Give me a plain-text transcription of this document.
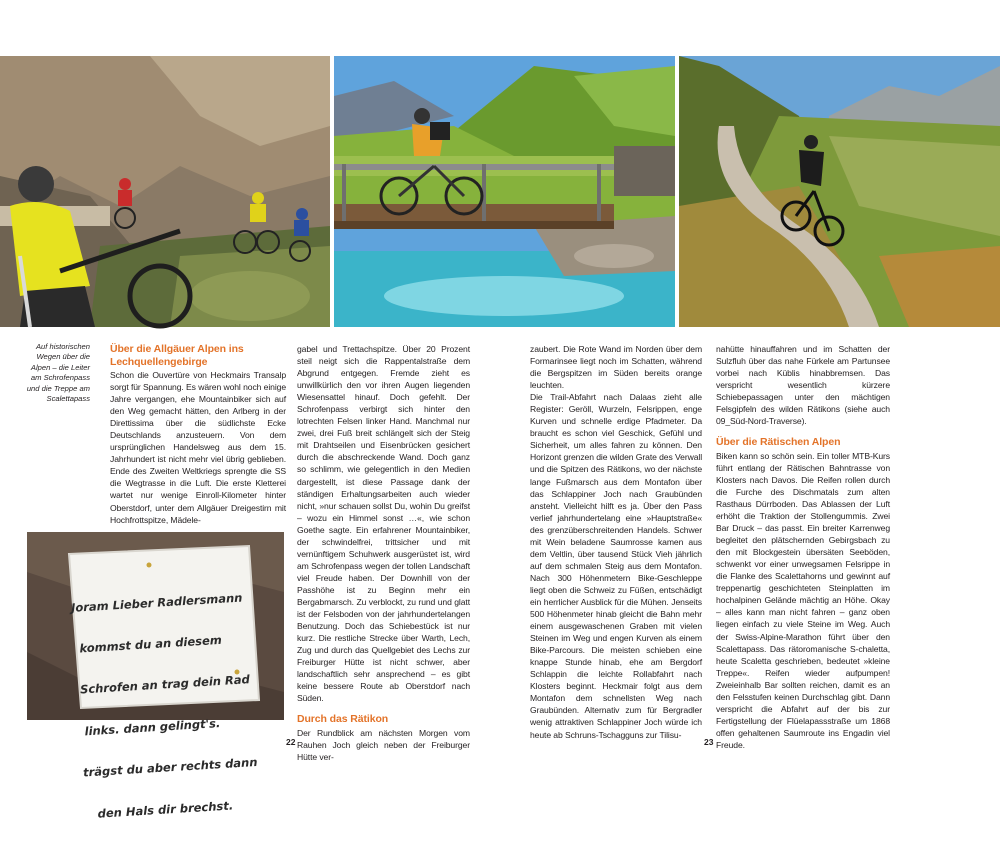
Joram Lieber Radlersmann

kommst du an diesem

Schrofen an trag dein Rad

links. dann gelingt's.

trägst du aber rechts dann

den Hals dir brechst.

Auf historischen Wegen über die Alpen – die Leiter am Schrofenpass und die Treppe am Scalettapass
Über die Allgäuer Alpen ins Lechquellengebirge

Schon die Ouvertüre von Heckmairs Transalp sorgt für Spannung. Es wären wohl noch einige Jahre vergangen, ehe Mountainbiker sich auf den Weg gemacht hätten, den Arlberg in der Direttissima über die südlichste Ecke Deutschlands anzusteuern. Von dem ursprünglichen Handelsweg aus dem 15. Jahrhundert ist nicht mehr viel übrig geblieben. Ende des Zweiten Weltkriegs sprengte die SS die Wegtrasse in die Luft. Die erste Kletterei wartet nur wenige Einroll-Kilometer hinter Oberstdorf, unter dem Allgäuer Dreigestirn mit Hochfrottspitze, Mädele-

gabel und Trettachspitze. Über 20 Prozent steil neigt sich die Rappentalstraße dem Abgrund entgegen. Fremde zieht es unwillkürlich den vor ihren Augen liegenden Wiesensattel hinauf. Doch gefehlt. Der Schrofenpass verbirgt sich hinter den lotrechten Felsen linker Hand. Manchmal nur zwei, drei Fuß breit schlängelt sich der Steig mit Drahtseilen und Eisenbrücken gesichert durch die abschreckende Wand. Doch ganz so schlimm, wie gelegentlich in den Medien dargestellt, ist diese Passage dank der ständigen Erhaltungsarbeiten auch wieder nicht, »nur schauen sollst Du, wohin Du greifst – wozu ein Himmel sonst …«, wie schon Goethe sagte. Ein erfahrener Mountainbiker, der schwindelfrei, trittsicher und mit vernünftigem Schuhwerk ausgerüstet ist, wird am Schrofenpass wegen der tollen Landschaft viel Freude haben. Der Downhill von der Passhöhe ist zu Beginn mehr ein Bergabmarsch. Zu verblockt, zu rund und glatt ist der Felsboden von der jahrhundertelangen Benutzung. Doch das Schiebestück ist nur kurz. Die restliche Strecke über Warth, Lech, Zug und durch das Quellgebiet des Lechs zur Freiburger Hütte ist nicht schwer, aber landschaftlich sehr ansprechend – es gibt keine bessere Route ab Oberstdorf nach Süden.

Durch das Rätikon

Der Rundblick am nächsten Morgen vom Rauhen Joch gleich neben der Freiburger Hütte ver-

zaubert. Die Rote Wand im Norden über dem Formarinsee liegt noch im Schatten, während die Bergspitzen im Süden bereits orange leuchten.

Die Trail-Abfahrt nach Dalaas zieht alle Register: Geröll, Wurzeln, Felsrippen, enge Kurven und schnelle erdige Pfadmeter. Da braucht es schon viel Geschick, Gefühl und Sicherheit, um alles fahren zu können. Den Horizont grenzen die wilden Grate des Verwall und die Spitzen des Rätikons, wo der nächste lange Fußmarsch aus dem Montafon über das Schlappiner Joch nach Graubünden ansteht. Vielleicht hilft es ja. Über den Pass verlief jahrhundertelang eine »Hauptstraße« des grenzüberschreitenden Handels. Schwer mit Wein beladene Saumrosse kamen aus dem Veltlin, über tausend Stück Vieh jährlich auf dem schmalen Steig aus dem Montafon. Nach 300 Höhenmetern Bike-Geschleppe liegt oben die Schweiz zu Füßen, entschädigt ein herrlicher Ausblick für die Mühen. Jenseits 500 Höhenmeter hinab gleicht die Bahn mehr einem ausgewaschenen Graben mit vielen Steinen im Weg und engen Kurven als einem Bike-Parcours. Die meisten schieben eine knappe Stunde hinab, ehe am Bergdorf Schlappin die leichte Rollabfahrt nach Klosters beginnt. Heckmair folgt aus dem Montafon dem schnellsten Weg nach Graubünden. Alternativ zum für Bergradler wenig attraktiven Schlappiner Joch würde ich heute ab Schruns-Tschagguns zur Tilisu-

nahütte hinauffahren und im Schatten der Sulzfluh über das nahe Fürkele am Partunsee vorbei nach Küblis hinabbremsen. Das verspricht wesentlich kürzere Schiebepassagen unter den mächtigen Felsgipfeln des wilden Rätikons (siehe auch 09_Süd-Nord-Traverse).

Über die Rätischen Alpen

Biken kann so schön sein. Ein toller MTB-Kurs führt entlang der Rätischen Bahntrasse von Klosters nach Davos. Die Reifen rollen durch die Furche des Dischmatals zum alten Rasthaus Dürrboden. Das Ablassen der Luft erhöht die Traktion der Stollengummis. Zwei Bar Druck – das passt. Ein breiter Karrenweg begleitet den plätschernden Gebirgsbach zu den mit Blockgestein übersäten Seeböden, schwenkt vor einer unwegsamen Felsrippe in die Flanke des Scalettahorns und gewinnt auf treppenartig geschichteten Steinplatten im hochalpinen Gelände mächtig an Höhe. Okay – alles kann man nicht fahren – ganz oben liegen einfach zu viele Steine im Weg. Auch der Swiss-Alpine-Marathon führt über den Scalettapass. Das rätoromanische S-chaletta, heute Scaletta geschrieben, bedeutet »kleine Treppe«. Reifen wieder aufpumpen! Zweieinhalb Bar sollten reichen, damit es an den Felsstufen keinen Durchschlag gibt. Dann verspricht die Abfahrt auf der bis zur Fertigstellung der Flüelapassstraße um 1868 offen gehaltenen Saumroute ins Engadin viel Freude.

22	23
